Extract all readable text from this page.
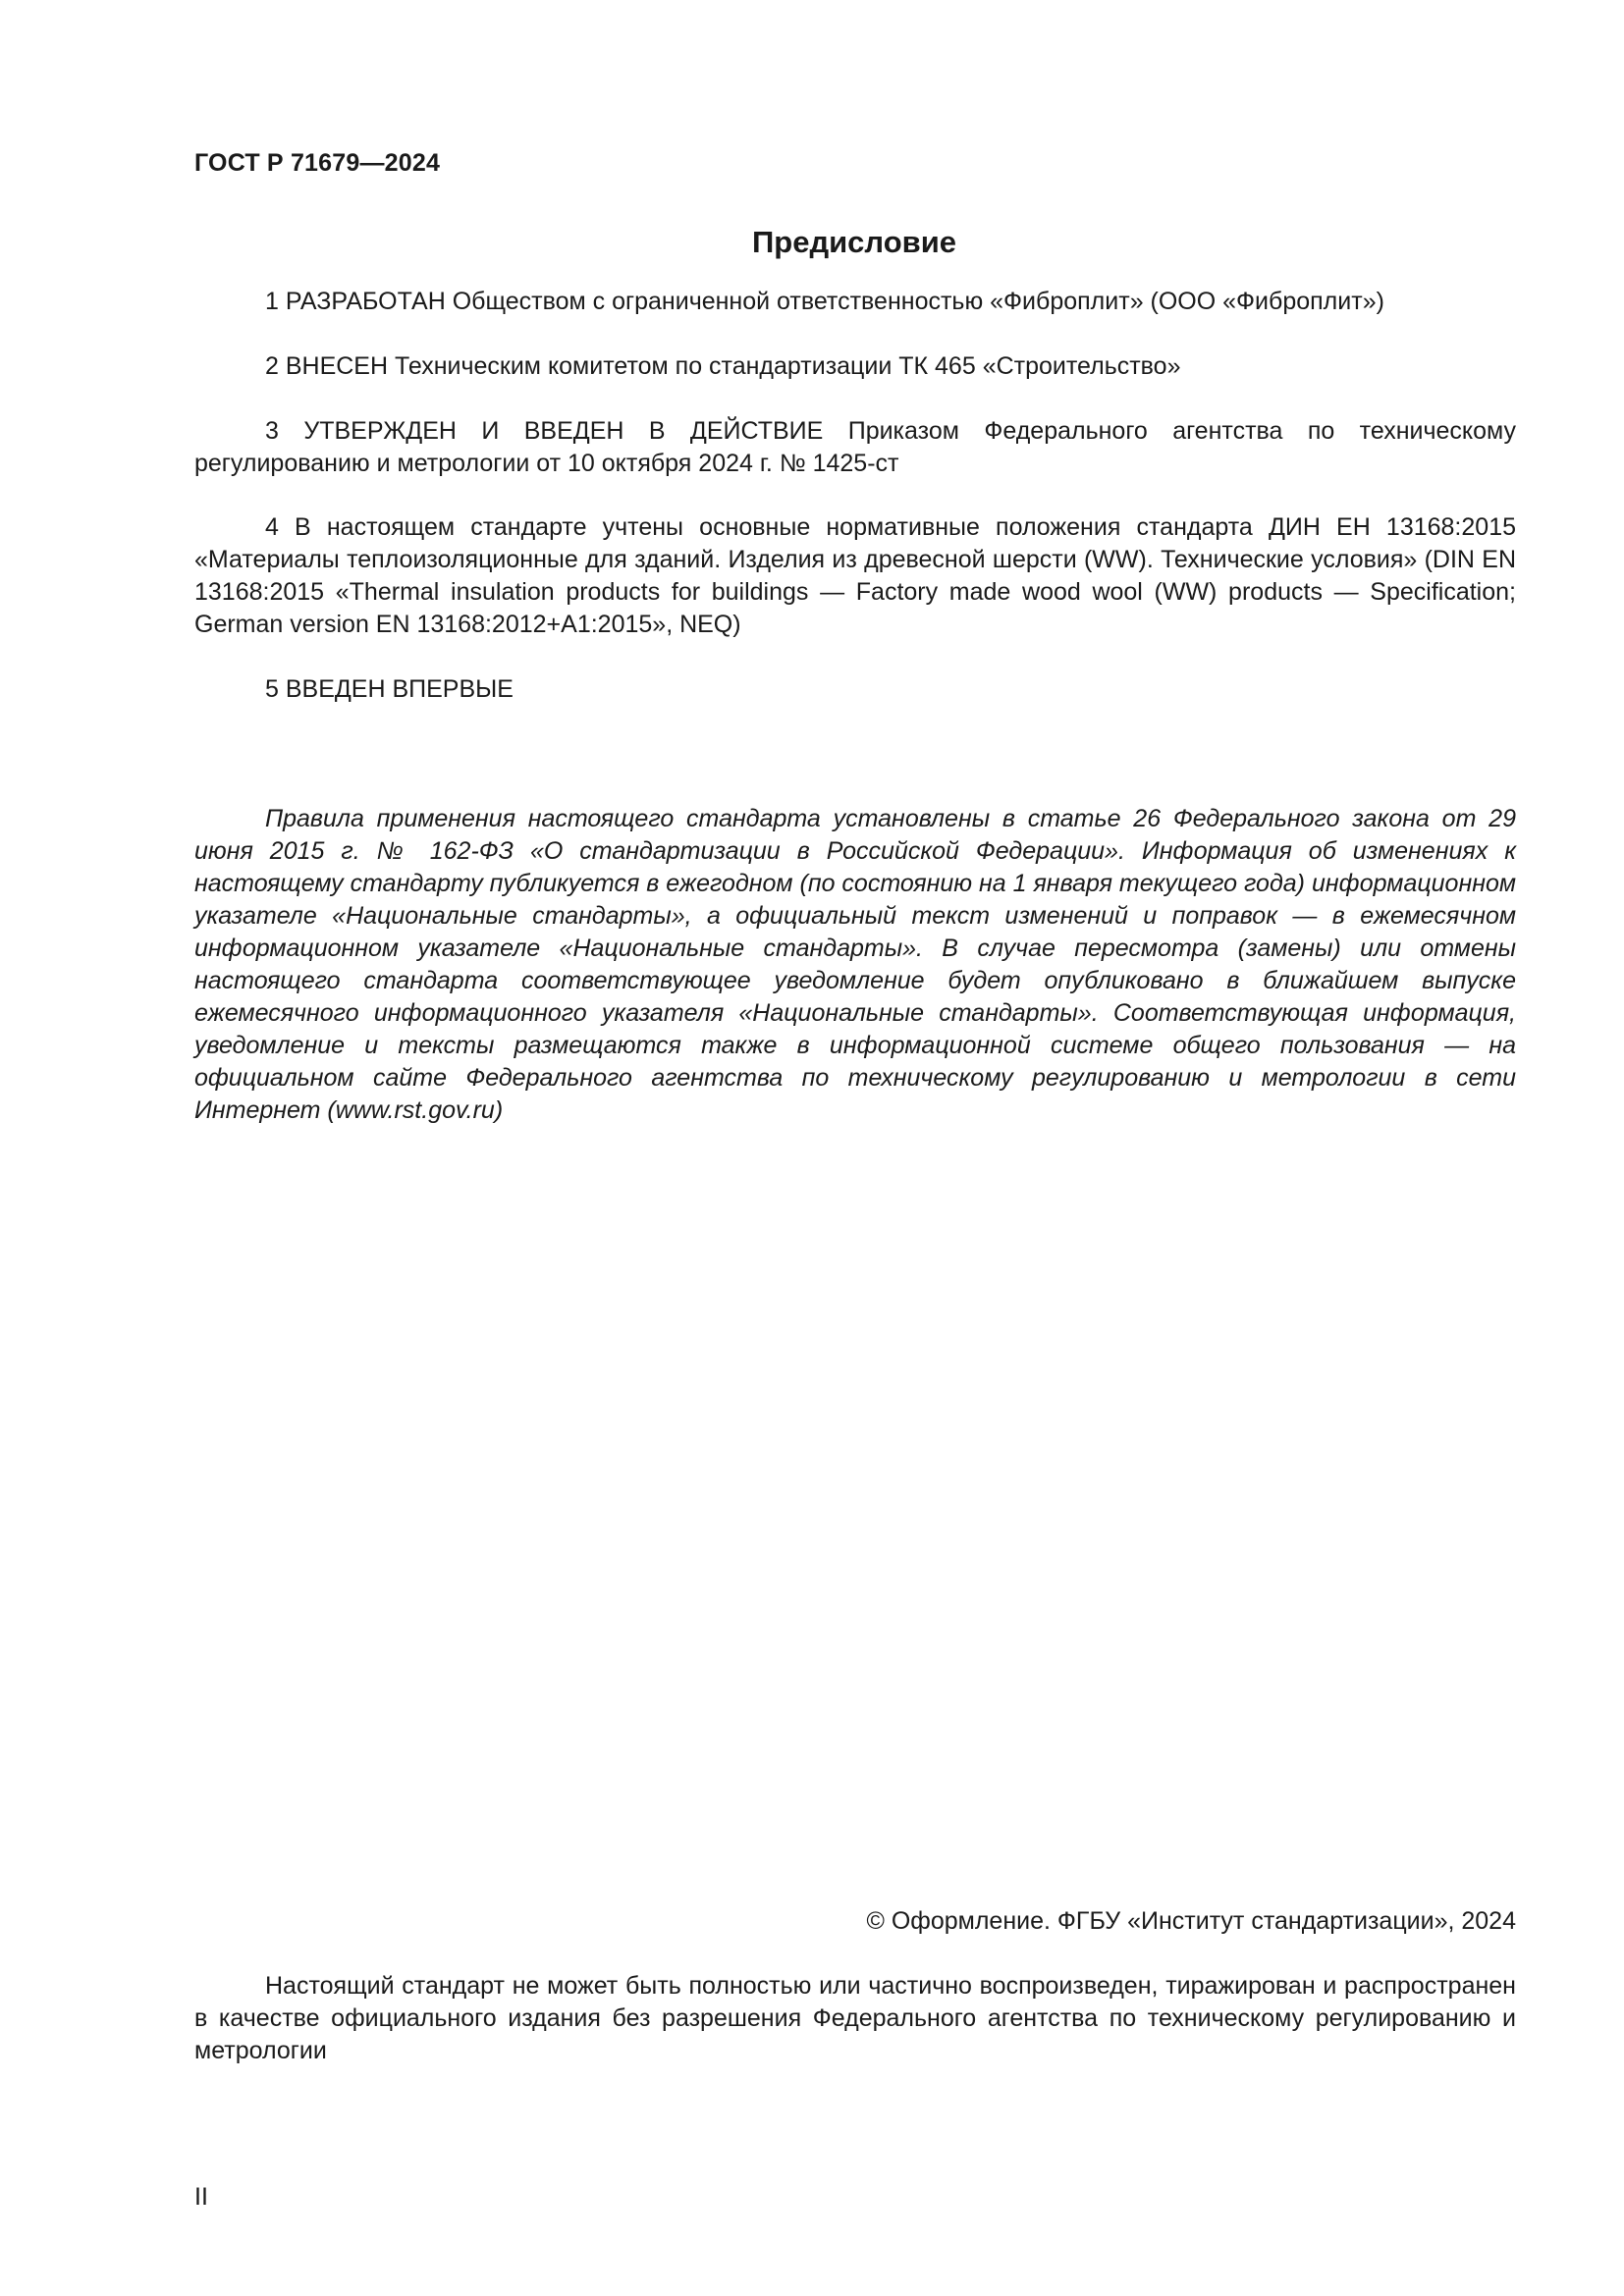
ГОСТ Р 71679—2024
Предисловие

1 РАЗРАБОТАН Обществом с ограниченной ответственностью «Фиброплит» (ООО «Фиброплит»)

2 ВНЕСЕН Техническим комитетом по стандартизации ТК 465 «Строительство»

3 УТВЕРЖДЕН И ВВЕДЕН В ДЕЙСТВИЕ Приказом Федерального агентства по техническому регулированию и метрологии от 10 октября 2024 г. № 1425-ст

4 В настоящем стандарте учтены основные нормативные положения стандарта ДИН ЕН 13168:2015 «Материалы теплоизоляционные для зданий. Изделия из древесной шерсти (WW). Технические условия» (DIN EN 13168:2015 «Thermal insulation products for buildings — Factory made wood wool (WW) products — Specification; German version EN 13168:2012+A1:2015», NEQ)

5 ВВЕДЕН ВПЕРВЫЕ

Правила применения настоящего стандарта установлены в статье 26 Федерального закона от 29 июня 2015 г. № 162-ФЗ «О стандартизации в Российской Федерации». Информация об изменениях к настоящему стандарту публикуется в ежегодном (по состоянию на 1 января текущего года) информационном указателе «Национальные стандарты», а официальный текст изменений и поправок — в ежемесячном информационном указателе «Национальные стандарты». В случае пересмотра (замены) или отмены настоящего стандарта соответствующее уведомление будет опубликовано в ближайшем выпуске ежемесячного информационного указателя «Национальные стандарты». Соответствующая информация, уведомление и тексты размещаются также в информационной системе общего пользования — на официальном сайте Федерального агентства по техническому регулированию и метрологии в сети Интернет (www.rst.gov.ru)

© Оформление. ФГБУ «Институт стандартизации», 2024

Настоящий стандарт не может быть полностью или частично воспроизведен, тиражирован и распространен в качестве официального издания без разрешения Федерального агентства по техническому регулированию и метрологии

II
